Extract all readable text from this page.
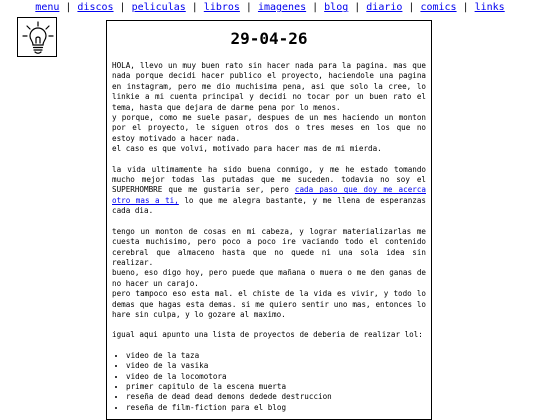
menu | discos | peliculas | libros | imagenes | blog | diario | comics | links
29-04-26
HOLA, llevo un muy buen rato sin hacer nada para la pagina. mas que nada porque decidi hacer publico el proyecto, haciendole una pagina en instagram, pero me dio muchisima pena, asi que solo la cree, lo linkie a mi cuenta principal y decidi no tocar por un buen rato el tema, hasta que dejara de darme pena por lo menos.
y porque, como me suele pasar, despues de un mes haciendo un monton por el proyecto, le siguen otros dos o tres meses en los que no estoy motivado a hacer nada.
el caso es que volvi, motivado para hacer mas de mi mierda.
la vida ultimamente ha sido buena conmigo, y me he estado tomando mucho mejor todas las putadas que me suceden. todavia no soy el SUPERHOMBRE que me gustaria ser, pero cada paso que doy me acerca otro mas a ti, lo que me alegra bastante, y me llena de esperanzas cada dia.
tengo un monton de cosas en mi cabeza, y lograr materializarlas me cuesta muchisimo, pero poco a poco ire vaciando todo el contenido cerebral que almaceno hasta que no quede ni una sola idea sin realizar.
bueno, eso digo hoy, pero puede que mañana o muera o me den ganas de no hacer un carajo.
pero tampoco eso esta mal. el chiste de la vida es vivir, y todo lo demas que hagas esta demas. si me quiero sentir uno mas, entonces lo hare sin culpa, y lo gozare al maximo.
igual aqui apunto una lista de proyectos de deberia de realizar lol:
• video de la taza
• video de la vasika
• video de la locomotora
• primer capitulo de la escena muerta
• reseña de dead dead demons dedede destruccion
• reseña de film-fiction para el blog
